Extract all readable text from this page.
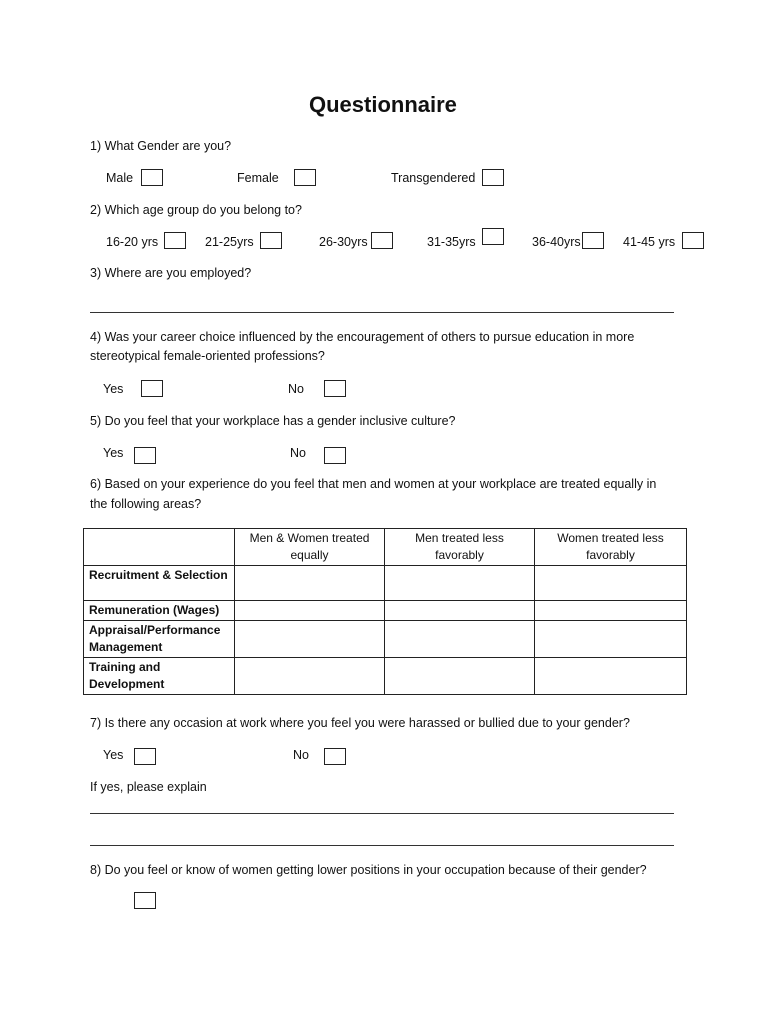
Questionnaire
1) What Gender are you?
Male	Female	Transgendered
2) Which age group do you belong to?
16-20 yrs	21-25yrs	26-30yrs	31-35yrs	36-40yrs	41-45 yrs
3) Where are you employed?
4) Was your career choice influenced by the encouragement of others to pursue education in more
stereotypical female-oriented professions?
Yes	No
5) Do you feel that your workplace has a gender inclusive culture?
Yes	No
6) Based on your experience do you feel that men and women at your workplace are treated equally in
the following areas?
	Men & Women treated equally	Men treated less favorably	Women treated less favorably
Recruitment & Selection			
Remuneration (Wages)			
Appraisal/Performance Management			
Training and Development			
7) Is there any occasion at work where you feel you were harassed or bullied due to your gender?
Yes	No
If yes, please explain
8) Do you feel or know of women getting lower positions in your occupation because of their gender?
